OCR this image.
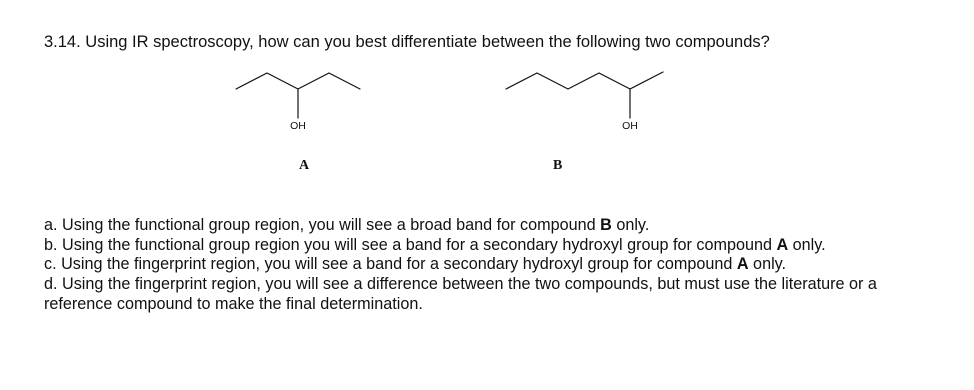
3.14. Using IR spectroscopy, how can you best differentiate between the following two compounds?
OH
A
OH
B
a. Using the functional group region, you will see a broad band for compound B only.
b. Using the functional group region you will see a band for a secondary hydroxyl group for compound A only.
c. Using the fingerprint region, you will see a band for a secondary hydroxyl group for compound A only.
d. Using the fingerprint region, you will see a difference between the two compounds, but must use the literature or a reference compound to make the final determination.
